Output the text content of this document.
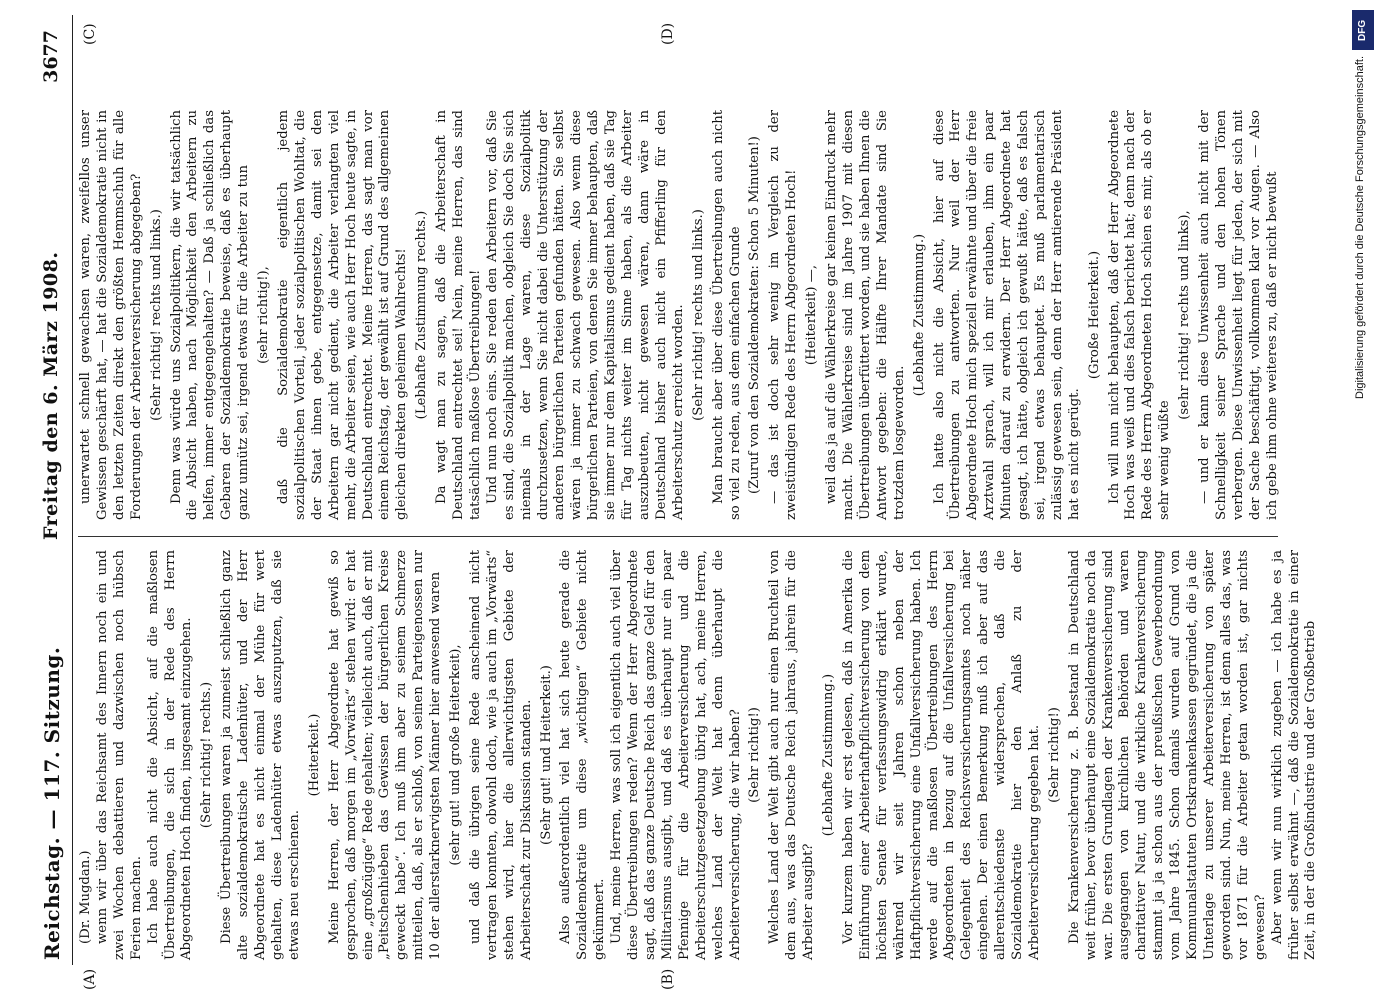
Reichstag. — 117. Sitzung.
Freitag den 6. März 1908.
3677
(A)	(B)
(C)	(D)

(Dr. Mugdan.) wenn wir über das Reichsamt des Innern noch ein und zwei Wochen debattieren und dazwischen noch hübsch Ferien machen. Ich habe auch nicht die Absicht, auf die maßlosen Übertreibungen, die sich in der Rede des Herrn Abgeordneten Hoch finden, insgesamt einzugehen. (Sehr richtig! rechts.) Diese Übertreibungen waren ja zumeist schließlich ganz alte sozialdemokratische Ladenhüter, und der Herr Abgeordnete hat es nicht einmal der Mühe für wert gehalten, diese Ladenhüter etwas auszuputzen, daß sie etwas neu erschienen.

(Heiterkeit.) Meine Herren, der Herr Abgeordnete hat gewiß so gesprochen, daß morgen im „Vorwärts“ stehen wird: er hat eine „großzügige“ Rede gehalten; vielleicht auch, daß er mit „Peitschenhieben das Gewissen der bürgerlichen Kreise geweckt habe“. Ich muß ihm aber zu seinem Schmerze mitteilen, daß, als er schloß, von seinen Parteigenossen nur 10 der allerstarknervigsten Männer hier anwesend waren (sehr gut! und große Heiterkeit), und daß die übrigen seine Rede anscheinend nicht vertragen konnten, obwohl doch, wie ja auch im „Vorwärts“ stehen wird, hier die allerwichtigsten Gebiete der Arbeiterschaft zur Diskussion standen. (Sehr gut! und Heiterkeit.) Also außerordentlich viel hat sich heute gerade die Sozialdemokratie um diese „wichtigen“ Gebiete nicht gekümmert. Und, meine Herren, was soll ich eigentlich auch viel über diese Übertreibungen reden? Wenn der Herr Abgeordnete sagt, daß das ganze Deutsche Reich das ganze Geld für den Militarismus ausgibt, und daß es überhaupt nur ein paar Pfennige für die Arbeiterversicherung und die Arbeiterschutzgesetzgebung übrig hat, ach, meine Herren, welches Land der Welt hat denn überhaupt die Arbeiterversicherung, die wir haben? (Sehr richtig!) Welches Land der Welt gibt auch nur einen Bruchteil von dem aus, was das Deutsche Reich jahraus, jahrein für die Arbeiter ausgibt?

(Lebhafte Zustimmung.) Vor kurzem haben wir erst gelesen, daß in Amerika die Einführung einer Arbeiterhaftpflichtversicherung von dem höchsten Senate für verfassungswidrig erklärt wurde, während wir seit Jahren schon neben der Haftpflichtversicherung eine Unfallversicherung haben. Ich werde auf die maßlosen Übertreibungen des Herrn Abgeordneten in bezug auf die Unfallversicherung bei Gelegenheit des Reichsversicherungsamtes noch näher eingehen. Der einen Bemerkung muß ich aber auf das allerentschiedenste widersprechen, daß die Sozialdemokratie hier den Anlaß zu der Arbeiterversicherung gegeben hat. (Sehr richtig!) Die Krankenversicherung z. B. bestand in Deutschland weit früher, bevor überhaupt eine Sozialdemokratie noch da war. Die ersten Grundlagen der Krankenversicherung sind ausgegangen von kirchlichen Behörden und waren charitativer Natur, und die wirkliche Krankenversicherung stammt ja ja schon aus der preußischen Gewerbeordnung vom Jahre 1845. Schon damals wurden auf Grund von Kommunalstatuten Ortskrankenkassen gegründet, die ja die Unterlage zu unserer Arbeiterversicherung von später geworden sind. Nun, meine Herren, ist denn alles das, was vor 1871 für die Arbeiter getan worden ist, gar nichts gewesen? Aber wenn wir nun wirklich zugeben — ich habe es ja früher selbst erwähnt —, daß die Sozialdemokratie in einer Zeit, in der die Großindustrie und der Großbetrieb

unerwartet schnell gewachsen waren, zweifellos unser Gewissen geschärft hat, — hat die Sozialdemokratie nicht in den letzten Zeiten direkt den größten Hemmschuh für alle Forderungen der Arbeiterversicherung abgegeben? (Sehr richtig! rechts und links.) Denn was würde uns Sozialpolitikern, die wir tatsächlich die Absicht haben, nach Möglichkeit den Arbeitern zu helfen, immer entgegengehalten? — Daß ja schließlich das Gebaren der Sozialdemokratie beweise, daß es überhaupt ganz unnütz sei, irgend etwas für die Arbeiter zu tun (sehr richtig!), daß die Sozialdemokratie eigentlich jedem sozialpolitischen Vorteil, jeder sozialpolitischen Wohltat, die der Staat ihnen gebe, entgegensetze, damit sei den Arbeitern gar nicht gedient, die Arbeiter verlangten viel mehr, die Arbeiter seien, wie auch Herr Hoch heute sagte, in Deutschland entrechtet. Meine Herren, das sagt man vor einem Reichstag, der gewählt ist auf Grund des allgemeinen gleichen direkten geheimen Wahlrechts! (Lebhafte Zustimmung rechts.) Da wagt man zu sagen, daß die Arbeiterschaft in Deutschland entrechtet sei! Nein, meine Herren, das sind tatsächlich maßlose Übertreibungen! Und nun noch eins. Sie reden den Arbeitern vor, daß Sie es sind, die Sozialpolitik machen, obgleich Sie doch Sie sich niemals in der Lage waren, diese Sozialpolitik durchzusetzen, wenn Sie nicht dabei die Unterstützung der anderen bürgerlichen Parteien gefunden hätten. Sie selbst wären ja immer zu schwach gewesen. Also wenn diese bürgerlichen Parteien, von denen Sie immer behaupten, daß sie immer nur dem Kapitalismus gedient haben, daß sie Tag für Tag nichts weiter im Sinne haben, als die Arbeiter auszubeuten, nicht gewesen wären, dann wäre in Deutschland bisher auch nicht ein Pfifferling für den Arbeiterschutz erreicht worden. (Sehr richtig! rechts und links.) Man braucht aber über diese Übertreibungen auch nicht so viel zu reden, aus dem einfachen Grunde (Zuruf von den Sozialdemokraten: Schon 5 Minuten!) — das ist doch sehr wenig im Vergleich zu der zweistündigen Rede des Herrn Abgeordneten Hoch! (Heiterkeit) —, weil das ja auf die Wählerkreise gar keinen Eindruck mehr macht. Die Wählerkreise sind im Jahre 1907 mit diesen Übertreibungen überfüttert worden, und sie haben Ihnen die Antwort gegeben: die Hälfte Ihrer Mandate sind Sie trotzdem losgeworden.

(Lebhafte Zustimmung.) Ich hatte also nicht die Absicht, hier auf diese Übertreibungen zu antworten. Nur weil der Herr Abgeordnete Hoch mich speziell erwähnte und über die freie Arztwahl sprach, will ich mir erlauben, ihm ein paar Minuten darauf zu erwidern. Der Herr Abgeordnete hat gesagt, ich hätte, obgleich ich gewußt hätte, daß es falsch sei, irgend etwas behauptet. Es muß parlamentarisch zulässig gewesen sein, denn der Herr amtierende Präsident hat es nicht gerügt.

(Große Heiterkeit.) Ich will nun nicht behaupten, daß der Herr Abgeordnete Hoch was weiß und dies falsch berichtet hat; denn nach der Rede des Herrn Abgeordneten Hoch schien es mir, als ob er sehr wenig wüßte

(sehr richtig! rechts und links), — und er kann diese Unwissenheit auch nicht mit der Schnelligkeit seiner Sprache und den hohen Tönen verbergen. Diese Unwissenheit liegt für jeden, der sich mit der Sache beschäftigt, vollkommen klar vor Augen. — Also ich gebe ihm ohne weiteres zu, daß er nicht bewußt

DFG
Digitalisierung gefördert durch die Deutsche Forschungsgemeinschaft.
